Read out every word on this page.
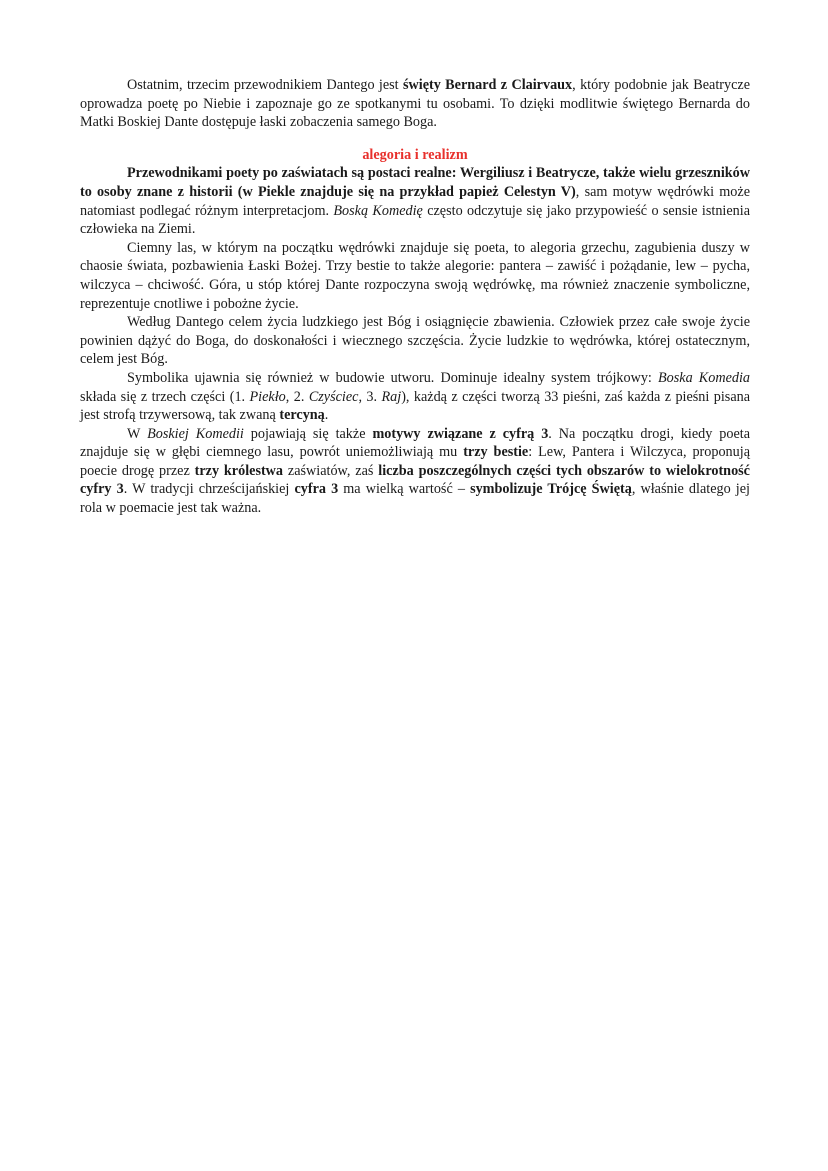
Ostatnim, trzecim przewodnikiem Dantego jest święty Bernard z Clairvaux, który podobnie jak Beatrycze oprowadza poetę po Niebie i zapoznaje go ze spotkanymi tu osobami. To dzięki modlitwie świętego Bernarda do Matki Boskiej Dante dostępuje łaski zobaczenia samego Boga.

alegoria i realizm

Przewodnikami poety po zaświatach są postaci realne: Wergiliusz i Beatrycze, także wielu grzeszników to osoby znane z historii (w Piekle znajduje się na przykład papież Celestyn V), sam motyw wędrówki może natomiast podlegać różnym interpretacjom. Boską Komedię często odczytuje się jako przypowieść o sensie istnienia człowieka na Ziemi.

Ciemny las, w którym na początku wędrówki znajduje się poeta, to alegoria grzechu, zagubienia duszy w chaosie świata, pozbawienia Łaski Bożej. Trzy bestie to także alegorie: pantera – zawiść i pożądanie, lew – pycha, wilczyca – chciwość. Góra, u stóp której Dante rozpoczyna swoją wędrówkę, ma również znaczenie symboliczne, reprezentuje cnotliwe i pobożne życie.

Według Dantego celem życia ludzkiego jest Bóg i osiągnięcie zbawienia. Człowiek przez całe swoje życie powinien dążyć do Boga, do doskonałości i wiecznego szczęścia. Życie ludzkie to wędrówka, której ostatecznym, celem jest Bóg.

Symbolika ujawnia się również w budowie utworu. Dominuje idealny system trójkowy: Boska Komedia składa się z trzech części (1. Piekło, 2. Czyściec, 3. Raj), każdą z części tworzą 33 pieśni, zaś każda z pieśni pisana jest strofą trzywersową, tak zwaną tercyną.

W Boskiej Komedii pojawiają się także motywy związane z cyfrą 3. Na początku drogi, kiedy poeta znajduje się w głębi ciemnego lasu, powrót uniemożliwiają mu trzy bestie: Lew, Pantera i Wilczyca, proponują poecie drogę przez trzy królestwa zaświatów, zaś liczba poszczególnych części tych obszarów to wielokrotność cyfry 3. W tradycji chrześcijańskiej cyfra 3 ma wielką wartość – symbolizuje Trójcę Świętą, właśnie dlatego jej rola w poemacie jest tak ważna.
